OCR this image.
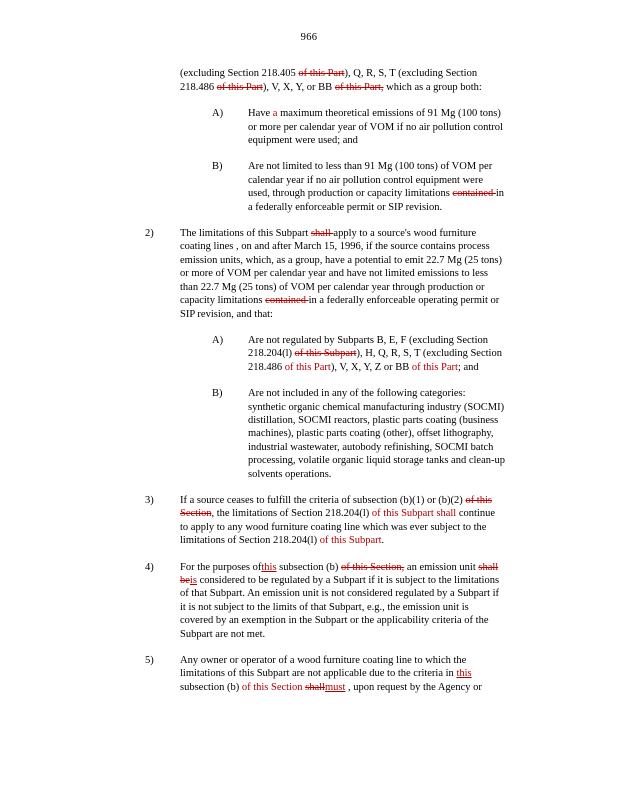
966
(excluding Section 218.405 of this Part), Q, R, S, T (excluding Section 218.486 of this Part), V, X, Y, or BB of this Part, which as a group both:
A)	Have a maximum theoretical emissions of 91 Mg (100 tons) or more per calendar year of VOM if no air pollution control equipment were used; and
B)	Are not limited to less than 91 Mg (100 tons) of VOM per calendar year if no air pollution control equipment were used, through production or capacity limitations contained in a federally enforceable permit or SIP revision.
2)	The limitations of this Subpart shall apply to a source's wood furniture coating lines , on and after March 15, 1996, if the source contains process emission units, which, as a group, have a potential to emit 22.7 Mg (25 tons) or more of VOM per calendar year and have not limited emissions to less than 22.7 Mg (25 tons) of VOM per calendar year through production or capacity limitations contained in a federally enforceable operating permit or SIP revision, and that:
A)	Are not regulated by Subparts B, E, F (excluding Section 218.204(l) of this Subpart), H, Q, R, S, T (excluding Section 218.486 of this Part), V, X, Y, Z or BB of this Part; and
B)	Are not included in any of the following categories: synthetic organic chemical manufacturing industry (SOCMI) distillation, SOCMI reactors, plastic parts coating (business machines), plastic parts coating (other), offset lithography, industrial wastewater, autobody refinishing, SOCMI batch processing, volatile organic liquid storage tanks and clean-up solvents operations.
3)	If a source ceases to fulfill the criteria of subsection (b)(1) or (b)(2) of this Section, the limitations of Section 218.204(l) of this Subpart shall continue to apply to any wood furniture coating line which was ever subject to the limitations of Section 218.204(l) of this Subpart.
4)	For the purposes ofthis subsection (b) of this Section, an emission unit shall beis considered to be regulated by a Subpart if it is subject to the limitations of that Subpart. An emission unit is not considered regulated by a Subpart if it is not subject to the limits of that Subpart, e.g., the emission unit is covered by an exemption in the Subpart or the applicability criteria of the Subpart are not met.
5)	Any owner or operator of a wood furniture coating line to which the limitations of this Subpart are not applicable due to the criteria in this subsection (b) of this Section shallmust , upon request by the Agency or
